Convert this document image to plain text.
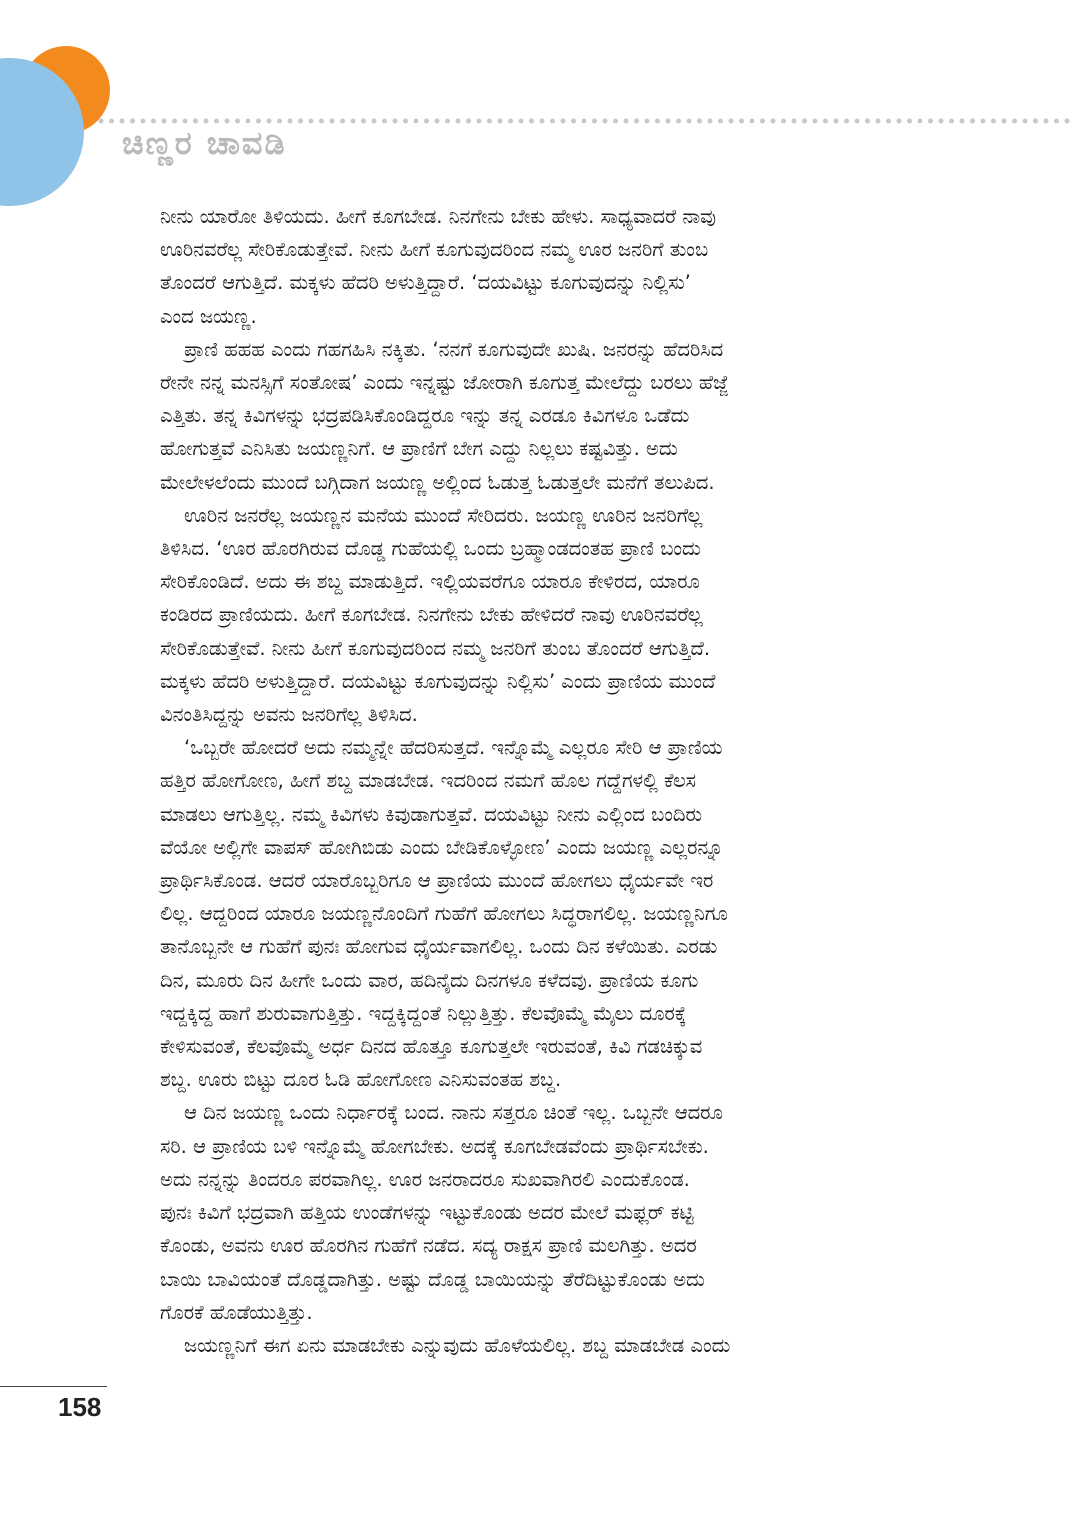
ಚಿಣ್ಣರ ಚಾವಡಿ

ನೀನು ಯಾರೋ ತಿಳಿಯದು. ಹೀಗೆ ಕೂಗಬೇಡ. ನಿನಗೇನು ಬೇಕು ಹೇಳು. ಸಾಧ್ಯವಾದರೆ ನಾವು
ಊರಿನವರೆಲ್ಲ ಸೇರಿಕೊಡುತ್ತೇವೆ. ನೀನು ಹೀಗೆ ಕೂಗುವುದರಿಂದ ನಮ್ಮ ಊರ ಜನರಿಗೆ ತುಂಬ
ತೊಂದರೆ ಆಗುತ್ತಿದೆ. ಮಕ್ಕಳು ಹೆದರಿ ಅಳುತ್ತಿದ್ದಾರೆ. ‘ದಯವಿಟ್ಟು ಕೂಗುವುದನ್ನು ನಿಲ್ಲಿಸು’
ಎಂದ ಜಯಣ್ಣ.

ಪ್ರಾಣಿ ಹಹಹ ಎಂದು ಗಹಗಹಿಸಿ ನಕ್ಕಿತು. ‘ನನಗೆ ಕೂಗುವುದೇ ಖುಷಿ. ಜನರನ್ನು ಹೆದರಿಸಿದ
ರೇನೇ ನನ್ನ ಮನಸ್ಸಿಗೆ ಸಂತೋಷ’ ಎಂದು ಇನ್ನಷ್ಟು ಜೋರಾಗಿ ಕೂಗುತ್ತ ಮೇಲೆದ್ದು ಬರಲು ಹೆಜ್ಜೆ
ಎತ್ತಿತು. ತನ್ನ ಕಿವಿಗಳನ್ನು ಭದ್ರಪಡಿಸಿಕೊಂಡಿದ್ದರೂ ಇನ್ನು ತನ್ನ ಎರಡೂ ಕಿವಿಗಳೂ ಒಡೆದು
ಹೋಗುತ್ತವೆ ಎನಿಸಿತು ಜಯಣ್ಣನಿಗೆ. ಆ ಪ್ರಾಣಿಗೆ ಬೇಗ ಎದ್ದು ನಿಲ್ಲಲು ಕಷ್ಟವಿತ್ತು. ಅದು
ಮೇಲೇಳಲೆಂದು ಮುಂದೆ ಬಗ್ಗಿದಾಗ ಜಯಣ್ಣ ಅಲ್ಲಿಂದ ಓಡುತ್ತ ಓಡುತ್ತಲೇ ಮನೆಗೆ ತಲುಪಿದ.

ಊರಿನ ಜನರೆಲ್ಲ ಜಯಣ್ಣನ ಮನೆಯ ಮುಂದೆ ಸೇರಿದರು. ಜಯಣ್ಣ ಊರಿನ ಜನರಿಗೆಲ್ಲ
ತಿಳಿಸಿದ. ‘ಊರ ಹೊರಗಿರುವ ದೊಡ್ಡ ಗುಹೆಯಲ್ಲಿ ಒಂದು ಬ್ರಹ್ಮಾಂಡದಂತಹ ಪ್ರಾಣಿ ಬಂದು
ಸೇರಿಕೊಂಡಿದೆ. ಅದು ಈ ಶಬ್ದ ಮಾಡುತ್ತಿದೆ. ಇಲ್ಲಿಯವರೆಗೂ ಯಾರೂ ಕೇಳಿರದ, ಯಾರೂ
ಕಂಡಿರದ ಪ್ರಾಣಿಯದು. ಹೀಗೆ ಕೂಗಬೇಡ. ನಿನಗೇನು ಬೇಕು ಹೇಳಿದರೆ ನಾವು ಊರಿನವರೆಲ್ಲ
ಸೇರಿಕೊಡುತ್ತೇವೆ. ನೀನು ಹೀಗೆ ಕೂಗುವುದರಿಂದ ನಮ್ಮ ಜನರಿಗೆ ತುಂಬ ತೊಂದರೆ ಆಗುತ್ತಿದೆ.
ಮಕ್ಕಳು ಹೆದರಿ ಅಳುತ್ತಿದ್ದಾರೆ. ದಯವಿಟ್ಟು ಕೂಗುವುದನ್ನು ನಿಲ್ಲಿಸು’ ಎಂದು ಪ್ರಾಣಿಯ ಮುಂದೆ
ವಿನಂತಿಸಿದ್ದನ್ನು ಅವನು ಜನರಿಗೆಲ್ಲ ತಿಳಿಸಿದ.

‘ಒಬ್ಬರೇ ಹೋದರೆ ಅದು ನಮ್ಮನ್ನೇ ಹೆದರಿಸುತ್ತದೆ. ಇನ್ನೊಮ್ಮೆ ಎಲ್ಲರೂ ಸೇರಿ ಆ ಪ್ರಾಣಿಯ
ಹತ್ತಿರ ಹೋಗೋಣ, ಹೀಗೆ ಶಬ್ದ ಮಾಡಬೇಡ. ಇದರಿಂದ ನಮಗೆ ಹೊಲ ಗದ್ದೆಗಳಲ್ಲಿ ಕೆಲಸ
ಮಾಡಲು ಆಗುತ್ತಿಲ್ಲ. ನಮ್ಮ ಕಿವಿಗಳು ಕಿವುಡಾಗುತ್ತವೆ. ದಯವಿಟ್ಟು ನೀನು ಎಲ್ಲಿಂದ ಬಂದಿರು
ವೆಯೋ ಅಲ್ಲಿಗೇ ವಾಪಸ್ ಹೋಗಿಬಿಡು ಎಂದು ಬೇಡಿಕೊಳ್ಳೋಣ’ ಎಂದು ಜಯಣ್ಣ ಎಲ್ಲರನ್ನೂ
ಪ್ರಾರ್ಥಿಸಿಕೊಂಡ. ಆದರೆ ಯಾರೊಬ್ಬರಿಗೂ ಆ ಪ್ರಾಣಿಯ ಮುಂದೆ ಹೋಗಲು ಧೈರ್ಯವೇ ಇರ
ಲಿಲ್ಲ. ಆದ್ದರಿಂದ ಯಾರೂ ಜಯಣ್ಣನೊಂದಿಗೆ ಗುಹೆಗೆ ಹೋಗಲು ಸಿದ್ಧರಾಗಲಿಲ್ಲ. ಜಯಣ್ಣನಿಗೂ
ತಾನೊಬ್ಬನೇ ಆ ಗುಹೆಗೆ ಪುನಃ ಹೋಗುವ ಧೈರ್ಯವಾಗಲಿಲ್ಲ. ಒಂದು ದಿನ ಕಳೆಯಿತು. ಎರಡು
ದಿನ, ಮೂರು ದಿನ ಹೀಗೇ ಒಂದು ವಾರ, ಹದಿನೈದು ದಿನಗಳೂ ಕಳೆದವು. ಪ್ರಾಣಿಯ ಕೂಗು
ಇದ್ದಕ್ಕಿದ್ದ ಹಾಗೆ ಶುರುವಾಗುತ್ತಿತ್ತು. ಇದ್ದಕ್ಕಿದ್ದಂತೆ ನಿಲ್ಲುತ್ತಿತ್ತು. ಕೆಲವೊಮ್ಮೆ ಮೈಲು ದೂರಕ್ಕೆ
ಕೇಳಿಸುವಂತೆ, ಕೆಲವೊಮ್ಮೆ ಅರ್ಧ ದಿನದ ಹೊತ್ತೂ ಕೂಗುತ್ತಲೇ ಇರುವಂತೆ, ಕಿವಿ ಗಡಚಿಕ್ಕುವ
ಶಬ್ದ. ಊರು ಬಿಟ್ಟು ದೂರ ಓಡಿ ಹೋಗೋಣ ಎನಿಸುವಂತಹ ಶಬ್ದ.

ಆ ದಿನ ಜಯಣ್ಣ ಒಂದು ನಿರ್ಧಾರಕ್ಕೆ ಬಂದ. ನಾನು ಸತ್ತರೂ ಚಿಂತೆ ಇಲ್ಲ. ಒಬ್ಬನೇ ಆದರೂ
ಸರಿ. ಆ ಪ್ರಾಣಿಯ ಬಳಿ ಇನ್ನೊಮ್ಮೆ ಹೋಗಬೇಕು. ಅದಕ್ಕೆ ಕೂಗಬೇಡವೆಂದು ಪ್ರಾರ್ಥಿಸಬೇಕು.
ಅದು ನನ್ನನ್ನು ತಿಂದರೂ ಪರವಾಗಿಲ್ಲ. ಊರ ಜನರಾದರೂ ಸುಖವಾಗಿರಲಿ ಎಂದುಕೊಂಡ.
ಪುನಃ ಕಿವಿಗೆ ಭದ್ರವಾಗಿ ಹತ್ತಿಯ ಉಂಡೆಗಳನ್ನು ಇಟ್ಟುಕೊಂಡು ಅದರ ಮೇಲೆ ಮಫ್ಲರ್ ಕಟ್ಟಿ
ಕೊಂಡು, ಅವನು ಊರ ಹೊರಗಿನ ಗುಹೆಗೆ ನಡೆದ. ಸದ್ಯ ರಾಕ್ಷಸ ಪ್ರಾಣಿ ಮಲಗಿತ್ತು. ಅದರ
ಬಾಯಿ ಬಾವಿಯಂತೆ ದೊಡ್ಡದಾಗಿತ್ತು. ಅಷ್ಟು ದೊಡ್ಡ ಬಾಯಿಯನ್ನು ತೆರೆದಿಟ್ಟುಕೊಂಡು ಅದು
ಗೊರಕೆ ಹೊಡೆಯುತ್ತಿತ್ತು.

ಜಯಣ್ಣನಿಗೆ ಈಗ ಏನು ಮಾಡಬೇಕು ಎನ್ನುವುದು ಹೊಳೆಯಲಿಲ್ಲ. ಶಬ್ದ ಮಾಡಬೇಡ ಎಂದು

158
